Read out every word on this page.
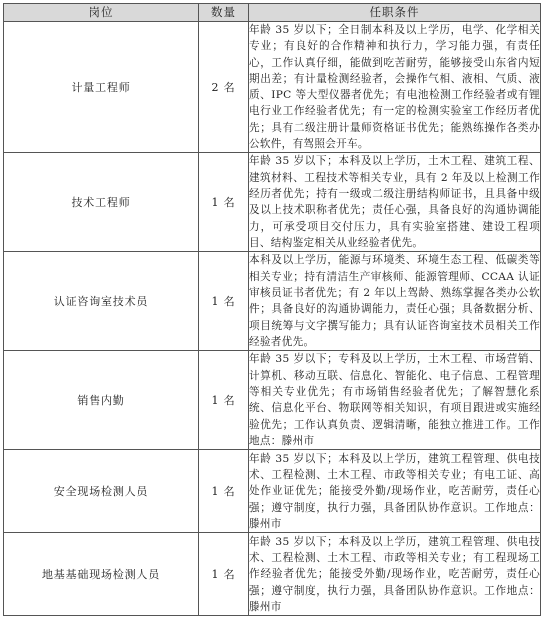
岗位	数量	任职条件
计量工程师	2 名	年龄 35 岁以下；全日制本科及以上学历，电学、化学相关专业；有良好的合作精神和执行力，学习能力强，有责任心，工作认真仔细，能做到吃苦耐劳，能够接受山东省内短期出差；有计量检测经验者，会操作气相、液相、气质、液质、IPC 等大型仪器者优先；有电池检测工作经验者或有锂电行业工作经验者优先；有一定的检测实验室工作经历者优先；具有二级注册计量师资格证书优先；能熟练操作各类办公软件，有驾照会开车。
技术工程师	1 名	年龄 35 岁以下；本科及以上学历，土木工程、建筑工程、建筑材料、工程技术等相关专业，具有 2 年及以上检测工作经历者优先；持有一级或二级注册结构师证书，且具备中级及以上技术职称者优先；责任心强，具备良好的沟通协调能力，可承受项目交付压力，具有实验室搭建、建设工程项目、结构鉴定相关从业经验者优先。
认证咨询室技术员	1 名	本科及以上学历，能源与环境类、环境生态工程、低碳类等相关专业；持有清洁生产审核师、能源管理师、CCAA 认证审核员证书者优先；有 2 年以上驾龄、熟练掌握各类办公软件；具备良好的沟通协调能力，责任心强；具备数据分析、项目统筹与文字撰写能力；具有认证咨询室技术员相关工作经验者优先。
销售内勤	1 名	年龄 35 岁以下；专科及以上学历，土木工程、市场营销、计算机、移动互联、信息化、智能化、电子信息、工程管理等相关专业优先；有市场销售经验者优先；了解智慧化系统、信息化平台、物联网等相关知识，有项目跟进或实施经验优先；工作认真负责、逻辑清晰，能独立推进工作。工作地点：滕州市
安全现场检测人员	1 名	年龄 35 岁以下；本科及以上学历，建筑工程管理、供电技术、工程检测、土木工程、市政等相关专业；有电工证、高处作业证优先；能接受外勤/现场作业，吃苦耐劳，责任心强；遵守制度，执行力强，具备团队协作意识。工作地点：滕州市
地基基础现场检测人员	1 名	年龄 35 岁以下；本科及以上学历，建筑工程管理、供电技术、工程检测、土木工程、市政等相关专业；有工程现场工作经验者优先；能接受外勤/现场作业，吃苦耐劳，责任心强；遵守制度，执行力强，具备团队协作意识。工作地点：滕州市
